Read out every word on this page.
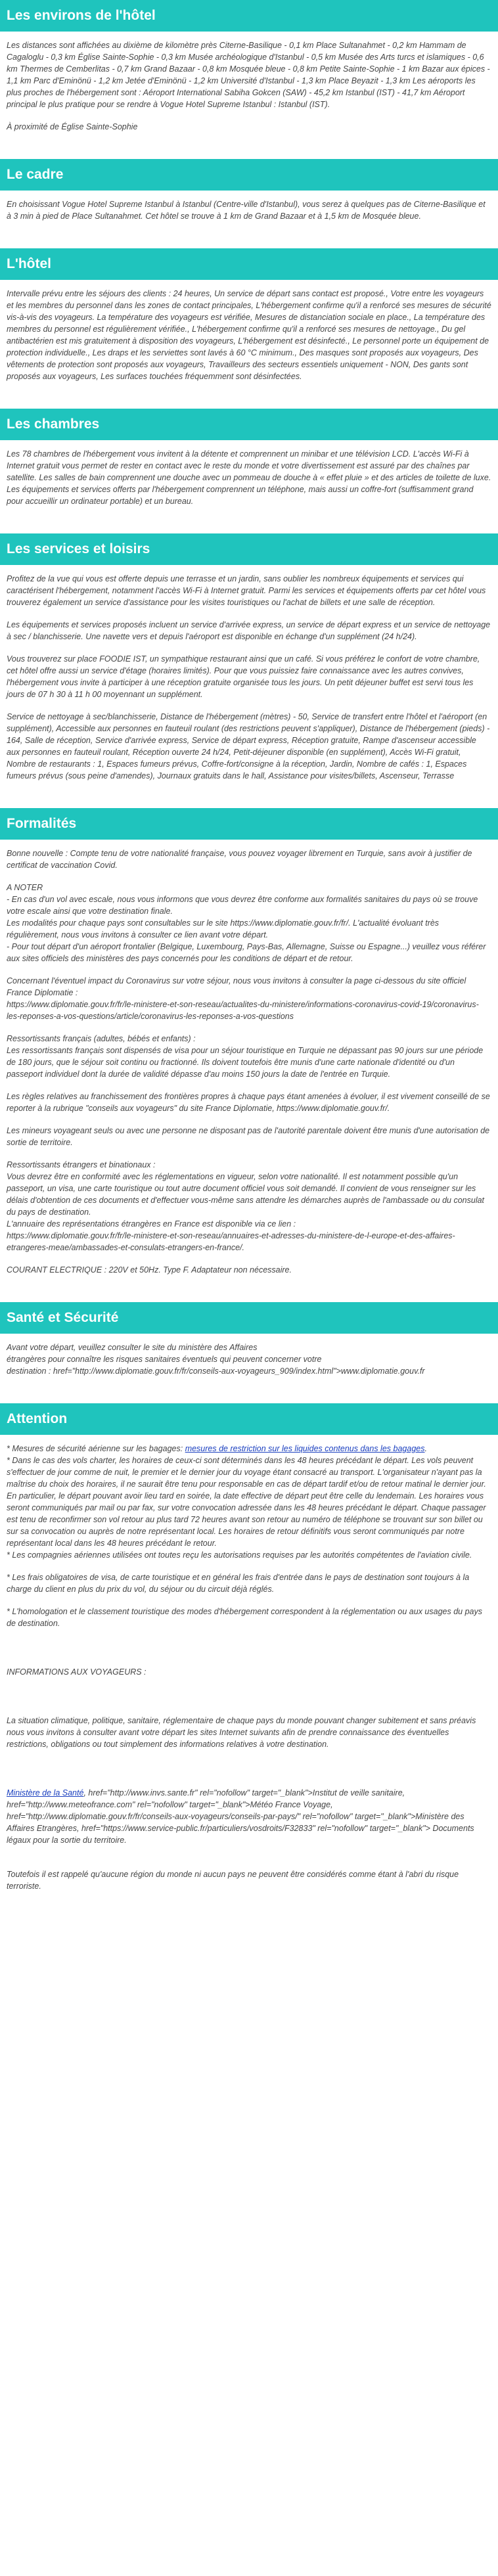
Les environs de l'hôtel

Les distances sont affichées au dixième de kilomètre près Citerne-Basilique - 0,1 km Place Sultanahmet - 0,2 km Hammam de Cagaloglu - 0,3 km Église Sainte-Sophie - 0,3 km Musée archéologique d'Istanbul - 0,5 km Musée des Arts turcs et islamiques - 0,6 km Thermes de Cemberlitas - 0,7 km Grand Bazaar - 0,8 km Mosquée bleue - 0,8 km Petite Sainte-Sophie - 1 km Bazar aux épices - 1,1 km Parc d'Eminönü - 1,2 km Jetée d'Eminönü - 1,2 km Université d'Istanbul - 1,3 km Place Beyazit - 1,3 km Les aéroports les plus proches de l'hébergement sont : Aéroport International Sabiha Gokcen (SAW) - 45,2 km Istanbul (IST) - 41,7 km Aéroport principal le plus pratique pour se rendre à Vogue Hotel Supreme Istanbul : Istanbul (IST).

À proximité de Église Sainte-Sophie

Le cadre

En choisissant Vogue Hotel Supreme Istanbul à Istanbul (Centre-ville d'Istanbul), vous serez à quelques pas de Citerne-Basilique et à 3 min à pied de Place Sultanahmet. Cet hôtel se trouve à 1 km de Grand Bazaar et à 1,5 km de Mosquée bleue.

L'hôtel

Intervalle prévu entre les séjours des clients : 24 heures, Un service de départ sans contact est proposé., Votre entre les voyageurs et les membres du personnel dans les zones de contact principales, L'hébergement confirme qu'il a renforcé ses mesures de sécurité vis-à-vis des voyageurs. La température des voyageurs est vérifiée, Mesures de distanciation sociale en place., La température des membres du personnel est régulièrement vérifiée., L'hébergement confirme qu'il a renforcé ses mesures de nettoyage., Du gel antibactérien est mis gratuitement à disposition des voyageurs, L'hébergement est désinfecté., Le personnel porte un équipement de protection individuelle., Les draps et les serviettes sont lavés à 60 °C minimum., Des masques sont proposés aux voyageurs, Des vêtements de protection sont proposés aux voyageurs, Travailleurs des secteurs essentiels uniquement - NON, Des gants sont proposés aux voyageurs, Les surfaces touchées fréquemment sont désinfectées.

Les chambres

Les 78 chambres de l'hébergement vous invitent à la détente et comprennent un minibar et une télévision LCD. L'accès Wi-Fi à Internet gratuit vous permet de rester en contact avec le reste du monde et votre divertissement est assuré par des chaînes par satellite. Les salles de bain comprennent une douche avec un pommeau de douche à « effet pluie » et des articles de toilette de luxe. Les équipements et services offerts par l'hébergement comprennent un téléphone, mais aussi un coffre-fort (suffisamment grand pour accueillir un ordinateur portable) et un bureau.

Les services et loisirs

Profitez de la vue qui vous est offerte depuis une terrasse et un jardin, sans oublier les nombreux équipements et services qui caractérisent l'hébergement, notamment l'accès Wi-Fi à Internet gratuit. Parmi les services et équipements offerts par cet hôtel vous trouverez également un service d'assistance pour les visites touristiques ou l'achat de billets et une salle de réception.

Les équipements et services proposés incluent un service d'arrivée express, un service de départ express et un service de nettoyage à sec / blanchisserie. Une navette vers et depuis l'aéroport est disponible en échange d'un supplément (24 h/24).

Vous trouverez sur place FOODIE IST, un sympathique restaurant ainsi que un café. Si vous préférez le confort de votre chambre, cet hôtel offre aussi un service d'étage (horaires limités). Pour que vous puissiez faire connaissance avec les autres convives, l'hébergement vous invite à participer à une réception gratuite organisée tous les jours. Un petit déjeuner buffet est servi tous les jours de 07 h 30 à 11 h 00 moyennant un supplément.

Service de nettoyage à sec/blanchisserie, Distance de l'hébergement (mètres) - 50, Service de transfert entre l'hôtel et l'aéroport (en supplément), Accessible aux personnes en fauteuil roulant (des restrictions peuvent s'appliquer), Distance de l'hébergement (pieds) - 164, Salle de réception, Service d'arrivée express, Service de départ express, Réception gratuite, Rampe d'ascenseur accessible aux personnes en fauteuil roulant, Réception ouverte 24 h/24, Petit-déjeuner disponible (en supplément), Accès Wi-Fi gratuit, Nombre de restaurants : 1, Espaces fumeurs prévus, Coffre-fort/consigne à la réception, Jardin, Nombre de cafés : 1, Espaces fumeurs prévus (sous peine d'amendes), Journaux gratuits dans le hall, Assistance pour visites/billets, Ascenseur, Terrasse

Formalités

Bonne nouvelle : Compte tenu de votre nationalité française, vous pouvez voyager librement en Turquie, sans avoir à justifier de certificat de vaccination Covid.

A NOTER
- En cas d'un vol avec escale, nous vous informons que vous devrez être conforme aux formalités sanitaires du pays où se trouve votre escale ainsi que votre destination finale.
Les modalités pour chaque pays sont consultables sur le site https://www.diplomatie.gouv.fr/fr/. L'actualité évoluant très régulièrement, nous vous invitons à consulter ce lien avant votre départ.
- Pour tout départ d'un aéroport frontalier (Belgique, Luxembourg, Pays-Bas, Allemagne, Suisse ou Espagne...) veuillez vous référer aux sites officiels des ministères des pays concernés pour les conditions de départ et de retour.

Concernant l'éventuel impact du Coronavirus sur votre séjour, nous vous invitons à consulter la page ci-dessous du site officiel France Diplomatie :
https://www.diplomatie.gouv.fr/fr/le-ministere-et-son-reseau/actualites-du-ministere/informations-coronavirus-covid-19/coronavirus-les-reponses-a-vos-questions/article/coronavirus-les-reponses-a-vos-questions

Ressortissants français (adultes, bébés et enfants) :
Les ressortissants français sont dispensés de visa pour un séjour touristique en Turquie ne dépassant pas 90 jours sur une période de 180 jours, que le séjour soit continu ou fractionné. Ils doivent toutefois être munis d'une carte nationale d'identité ou d'un passeport individuel dont la durée de validité dépasse d'au moins 150 jours la date de l'entrée en Turquie.

Les règles relatives au franchissement des frontières propres à chaque pays étant amenées à évoluer, il est vivement conseillé de se reporter à la rubrique "conseils aux voyageurs" du site France Diplomatie, https://www.diplomatie.gouv.fr/.

Les mineurs voyageant seuls ou avec une personne ne disposant pas de l'autorité parentale doivent être munis d'une autorisation de sortie de territoire.

Ressortissants étrangers et binationaux :
Vous devrez être en conformité avec les réglementations en vigueur, selon votre nationalité. Il est notamment possible qu'un passeport, un visa, une carte touristique ou tout autre document officiel vous soit demandé. Il convient de vous renseigner sur les délais d'obtention de ces documents et d'effectuer vous-même sans attendre les démarches auprès de l'ambassade ou du consulat du pays de destination.
L'annuaire des représentations étrangères en France est disponible via ce lien :
https://www.diplomatie.gouv.fr/fr/le-ministere-et-son-reseau/annuaires-et-adresses-du-ministere-de-l-europe-et-des-affaires-etrangeres-meae/ambassades-et-consulats-etrangers-en-france/.

COURANT ELECTRIQUE : 220V et 50Hz. Type F. Adaptateur non nécessaire.

Santé et Sécurité

Avant votre départ, veuillez consulter le site du ministère des Affaires
étrangères pour connaître les risques sanitaires éventuels qui peuvent concerner votre
destination : href="http://www.diplomatie.gouv.fr/fr/conseils-aux-voyageurs_909/index.html">www.diplomatie.gouv.fr

Attention

* Mesures de sécurité aérienne sur les bagages: mesures de restriction sur les liquides contenus dans les bagages.
* Dans le cas des vols charter, les horaires de ceux-ci sont déterminés dans les 48 heures précédant le départ. Les vols peuvent s'effectuer de jour comme de nuit, le premier et le dernier jour du voyage étant consacré au transport. L'organisateur n'ayant pas la maîtrise du choix des horaires, il ne saurait être tenu pour responsable en cas de départ tardif et/ou de retour matinal le dernier jour. En particulier, le départ pouvant avoir lieu tard en soirée, la date effective de départ peut être celle du lendemain. Les horaires vous seront communiqués par mail ou par fax, sur votre convocation adressée dans les 48 heures précédant le départ. Chaque passager est tenu de reconfirmer son vol retour au plus tard 72 heures avant son retour au numéro de téléphone se trouvant sur son billet ou sur sa convocation ou auprès de notre représentant local. Les horaires de retour définitifs vous seront communiqués par notre représentant local dans les 48 heures précédant le retour.
* Les compagnies aériennes utilisées ont toutes reçu les autorisations requises par les autorités compétentes de l'aviation civile.

* Les frais obligatoires de visa, de carte touristique et en général les frais d'entrée dans le pays de destination sont toujours à la charge du client en plus du prix du vol, du séjour ou du circuit déjà réglés.

* L'homologation et le classement touristique des modes d'hébergement correspondent à la réglementation ou aux usages du pays de destination.

INFORMATIONS AUX VOYAGEURS :

La situation climatique, politique, sanitaire, réglementaire de chaque pays du monde pouvant changer subitement et sans préavis
nous vous invitons à consulter avant votre départ les sites Internet suivants afin de prendre connaissance des éventuelles restrictions, obligations ou tout simplement des informations relatives à votre destination.

Ministère de la Santé, href="http://www.invs.sante.fr" rel="nofollow" target="_blank">Institut de veille sanitaire, href="http://www.meteofrance.com" rel="nofollow" target="_blank">Météo France Voyage, href="http://www.diplomatie.gouv.fr/fr/conseils-aux-voyageurs/conseils-par-pays/" rel="nofollow" target="_blank">Ministère des Affaires Etrangères, href="https://www.service-public.fr/particuliers/vosdroits/F32833" rel="nofollow" target="_blank"> Documents légaux pour la sortie du territoire.

Toutefois il est rappelé qu'aucune région du monde ni aucun pays ne peuvent être considérés comme étant à l'abri du risque terroriste.
